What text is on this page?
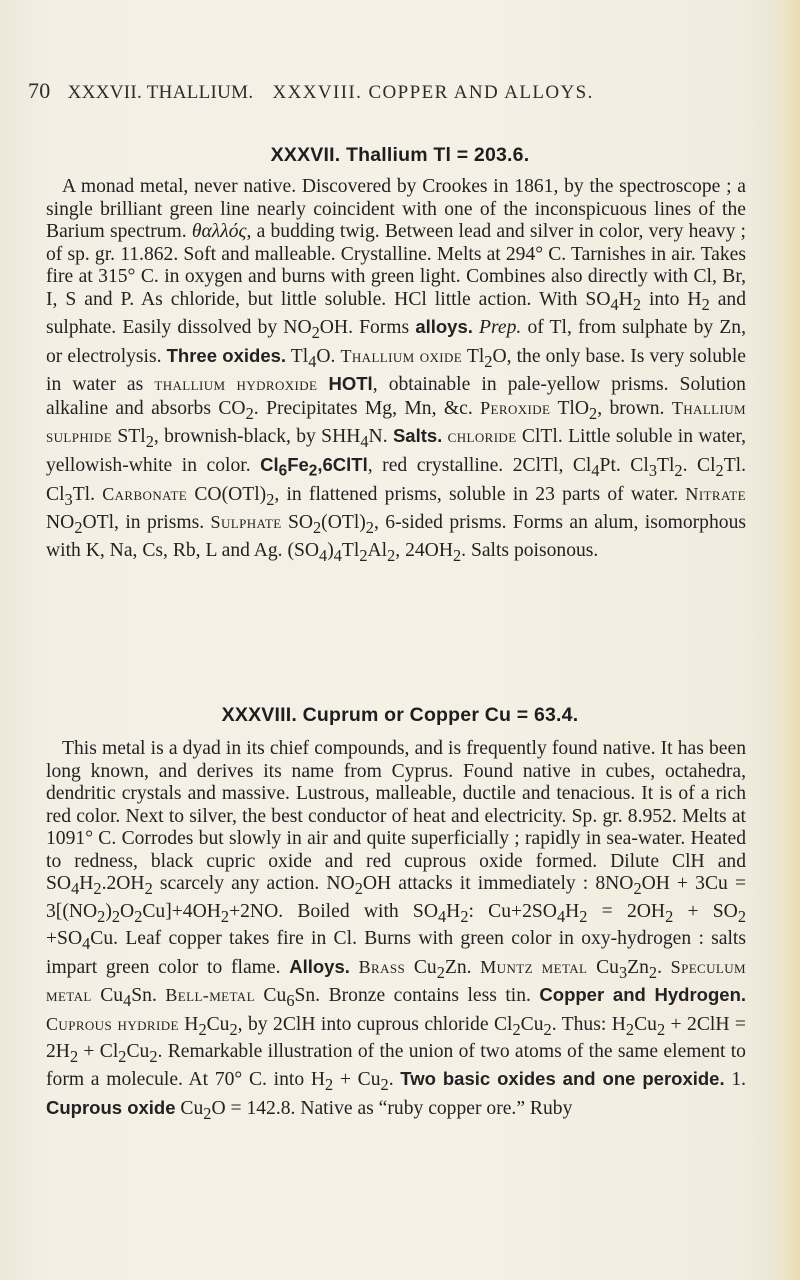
70 XXXVII. THALLIUM. XXXVIII. COPPER AND ALLOYS.
XXXVII. Thallium Tl = 203.6.
A monad metal, never native. Discovered by Crookes in 1861, by the spectroscope ; a single brilliant green line nearly coincident with one of the inconspicuous lines of the Barium spectrum. θαλλός, a budding twig. Between lead and silver in color, very heavy ; of sp. gr. 11.862. Soft and malleable. Crystalline. Melts at 294° C. Tarnishes in air. Takes fire at 315° C. in oxygen and burns with green light. Combines also directly with Cl, Br, I, S and P. As chloride, but little soluble. HCl little action. With $SO_4H_2$ into $H_2$ and sulphate. Easily dissolved by $NO_2OH$. Forms alloys. Prep. of Tl, from sulphate by Zn, or electrolysis. Three oxides. $Tl_4O$. Thallium oxide $Tl_2O$, the only base. Is very soluble in water as thallium hydroxide HOTl, obtainable in pale-yellow prisms. Solution alkaline and absorbs $CO_2$. Precipitates Mg, Mn, &c. Peroxide TlO$_2$, brown. Thallium sulphide STl$_2$, brownish-black, by $SHH_4N$. Salts. chloride ClTl. Little soluble in water, yellowish-white in color. $Cl_6Fe_2,6ClTl$, red crystalline. 2ClTl, $Cl_4Pt$. $Cl_3Tl_2$. $Cl_2Tl$. $Cl_3Tl$. Carbonate $CO(OTl)_2$, in flattened prisms, soluble in 23 parts of water. Nitrate $NO_2OTl$, in prisms. Sulphate $SO_2(OTl)_2$, 6-sided prisms. Forms an alum, isomorphous with K, Na, Cs, Rb, L and Ag. $(SO_4)_4Tl_2Al_2$, $24OH_2$. Salts poisonous.
XXXVIII. Cuprum or Copper Cu = 63.4.
This metal is a dyad in its chief compounds, and is frequently found native. It has been long known, and derives its name from Cyprus. Found native in cubes, octahedra, dendritic crystals and massive. Lustrous, malleable, ductile and tenacious. It is of a rich red color. Next to silver, the best conductor of heat and electricity. Sp. gr. 8.952. Melts at 1091° C. Corrodes but slowly in air and quite superficially ; rapidly in sea-water. Heated to redness, black cupric oxide and red cuprous oxide formed. Dilute ClH and $SO_4H_2.2OH_2$ scarcely any action. $NO_2OH$ attacks it immediately : $8NO_2OH + 3Cu = 3[(NO_2)_2O_2Cu]+4OH_2+2NO$. Boiled with $SO_4H_2$: $Cu+2SO_4H_2 = 2OH_2 + SO_2 +SO_4Cu$. Leaf copper takes fire in Cl. Burns with green color in oxy-hydrogen : salts impart green color to flame. Alloys. Brass $Cu_2Zn$. Muntz metal $Cu_3Zn_2$. Speculum metal $Cu_4Sn$. Bell-metal $Cu_6Sn$. Bronze contains less tin. Copper and Hydrogen. Cuprous hydride $H_2Cu_2$, by 2ClH into cuprous chloride $Cl_2Cu_2$. Thus: $H_2Cu_2 + 2ClH = 2H_2 + Cl_2Cu_2$. Remarkable illustration of the union of two atoms of the same element to form a molecule. At 70° C. into $H_2 + Cu_2$. Two basic oxides and one peroxide. 1. Cuprous oxide $Cu_2O = 142.8$. Native as “ruby copper ore.” Ruby
